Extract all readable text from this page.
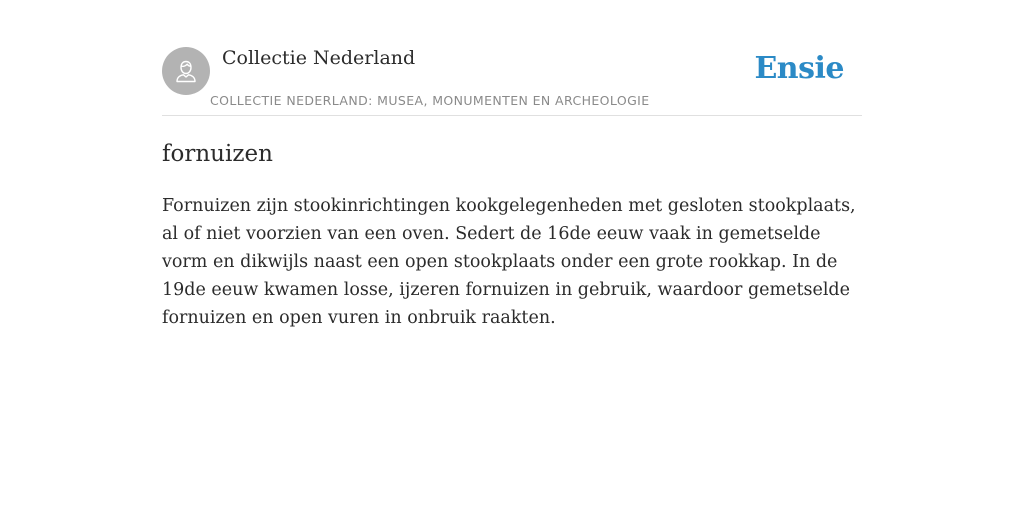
Collectie Nederland
COLLECTIE NEDERLAND: MUSEA, MONUMENTEN EN ARCHEOLOGIE
Ensie
fornuizen

Fornuizen zijn stookinrichtingen kookgelegenheden met gesloten stookplaats, al of niet voorzien van een oven. Sedert de 16de eeuw vaak in gemetselde vorm en dikwijls naast een open stookplaats onder een grote rookkap. In de 19de eeuw kwamen losse, ijzeren fornuizen in gebruik, waardoor gemetselde fornuizen en open vuren in onbruik raakten.
